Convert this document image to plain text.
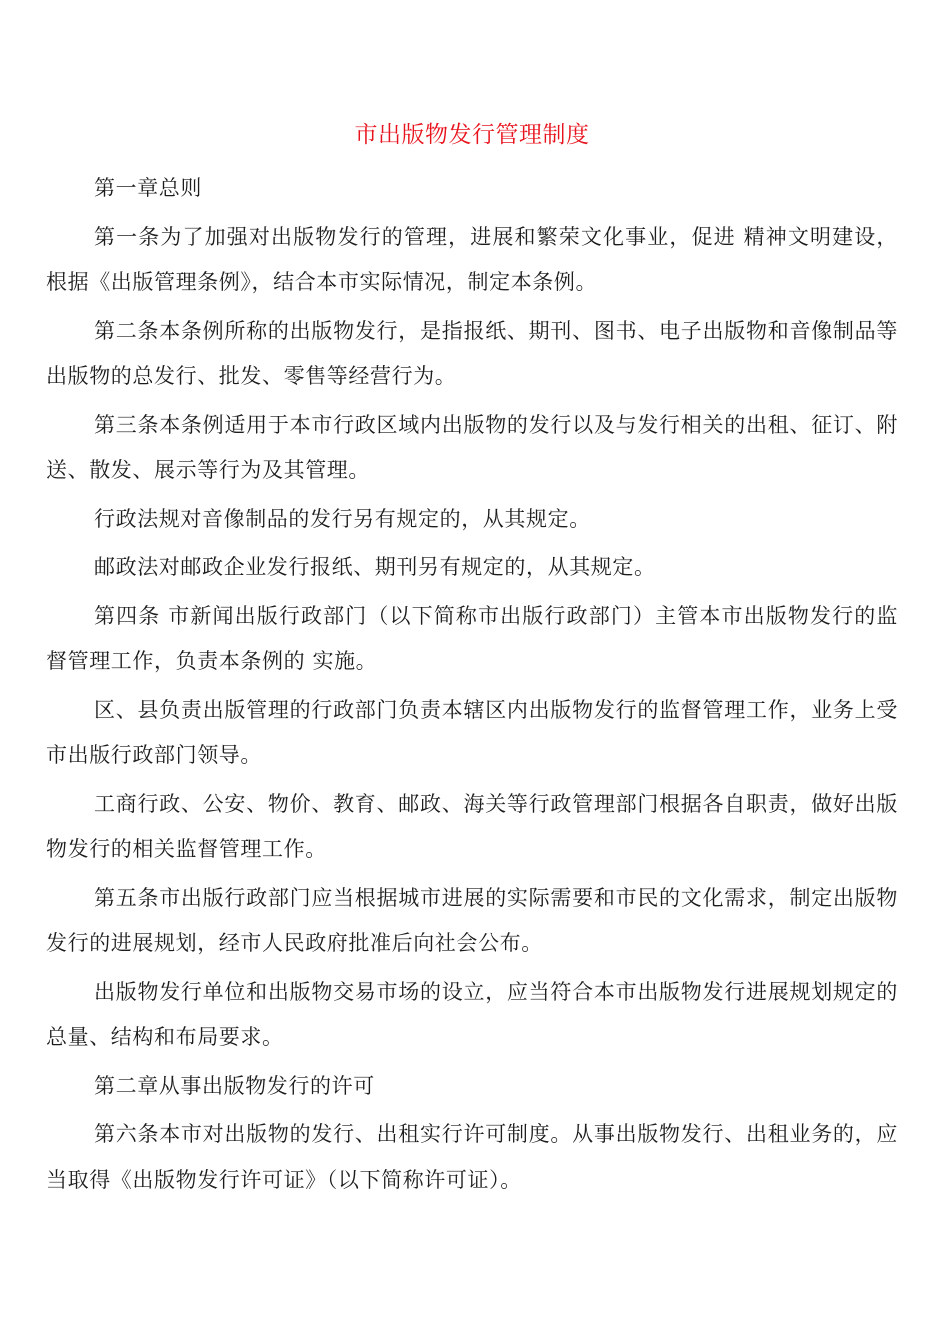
市出版物发行管理制度

第一章总则

第一条为了加强对出版物发行的管理，进展和繁荣文化事业，促进 精神文明建设，根据《出版管理条例》，结合本市实际情况，制定本条例。

第二条本条例所称的出版物发行，是指报纸、期刊、图书、电子出版物和音像制品等出版物的总发行、批发、零售等经营行为。

第三条本条例适用于本市行政区域内出版物的发行以及与发行相关的出租、征订、附送、散发、展示等行为及其管理。

行政法规对音像制品的发行另有规定的，从其规定。

邮政法对邮政企业发行报纸、期刊另有规定的，从其规定。

第四条 市新闻出版行政部门（以下简称市出版行政部门）主管本市出版物发行的监督管理工作，负责本条例的 实施。

区、县负责出版管理的行政部门负责本辖区内出版物发行的监督管理工作，业务上受市出版行政部门领导。

工商行政、公安、物价、教育、邮政、海关等行政管理部门根据各自职责，做好出版物发行的相关监督管理工作。

第五条市出版行政部门应当根据城市进展的实际需要和市民的文化需求，制定出版物发行的进展规划，经市人民政府批准后向社会公布。

出版物发行单位和出版物交易市场的设立，应当符合本市出版物发行进展规划规定的总量、结构和布局要求。

第二章从事出版物发行的许可

第六条本市对出版物的发行、出租实行许可制度。从事出版物发行、出租业务的，应当取得《出版物发行许可证》（以下简称许可证）。
